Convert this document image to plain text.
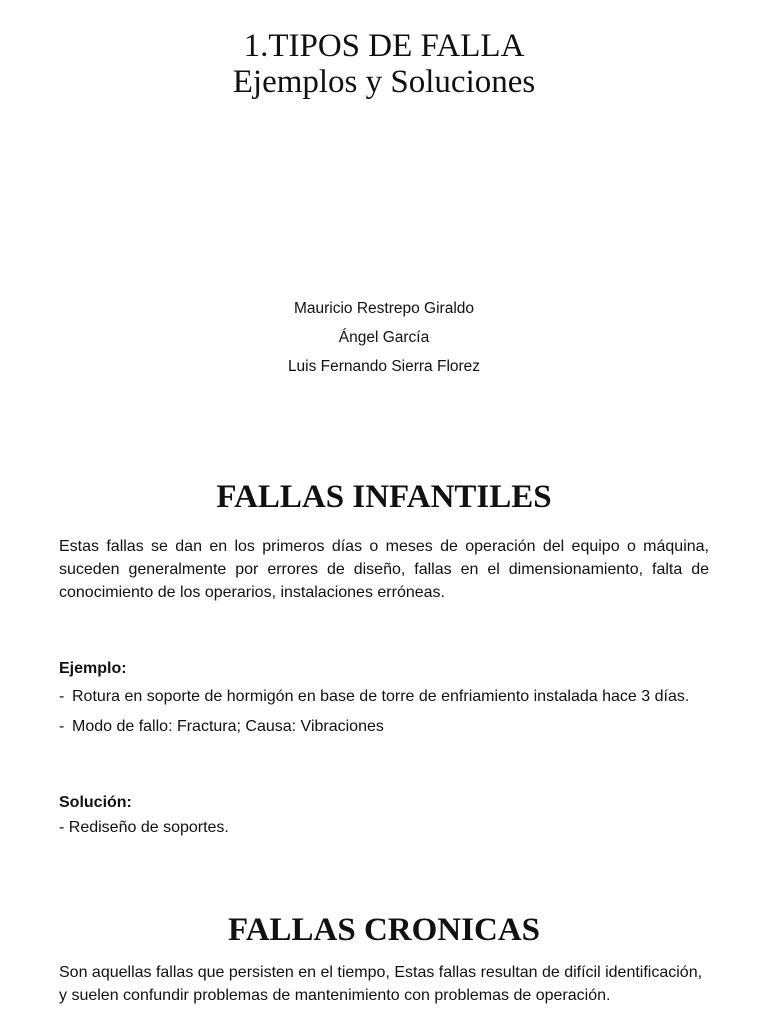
1.TIPOS DE FALLA
Ejemplos y Soluciones
Mauricio Restrepo Giraldo
Ángel García
Luis Fernando Sierra Florez
FALLAS INFANTILES

Estas fallas se dan en los primeros días o meses de operación del equipo o máquina, suceden generalmente por errores de diseño, fallas en el dimensionamiento, falta de conocimiento de los operarios, instalaciones erróneas.

Ejemplo:

- Rotura en soporte de hormigón en base de torre de enfriamiento instalada hace 3 días.
- Modo de fallo: Fractura; Causa: Vibraciones

Solución:

- Rediseño de soportes.

FALLAS CRONICAS

Son aquellas fallas que persisten en el tiempo, Estas fallas resultan de difícil identificación, y suelen confundir problemas de mantenimiento con problemas de operación.
